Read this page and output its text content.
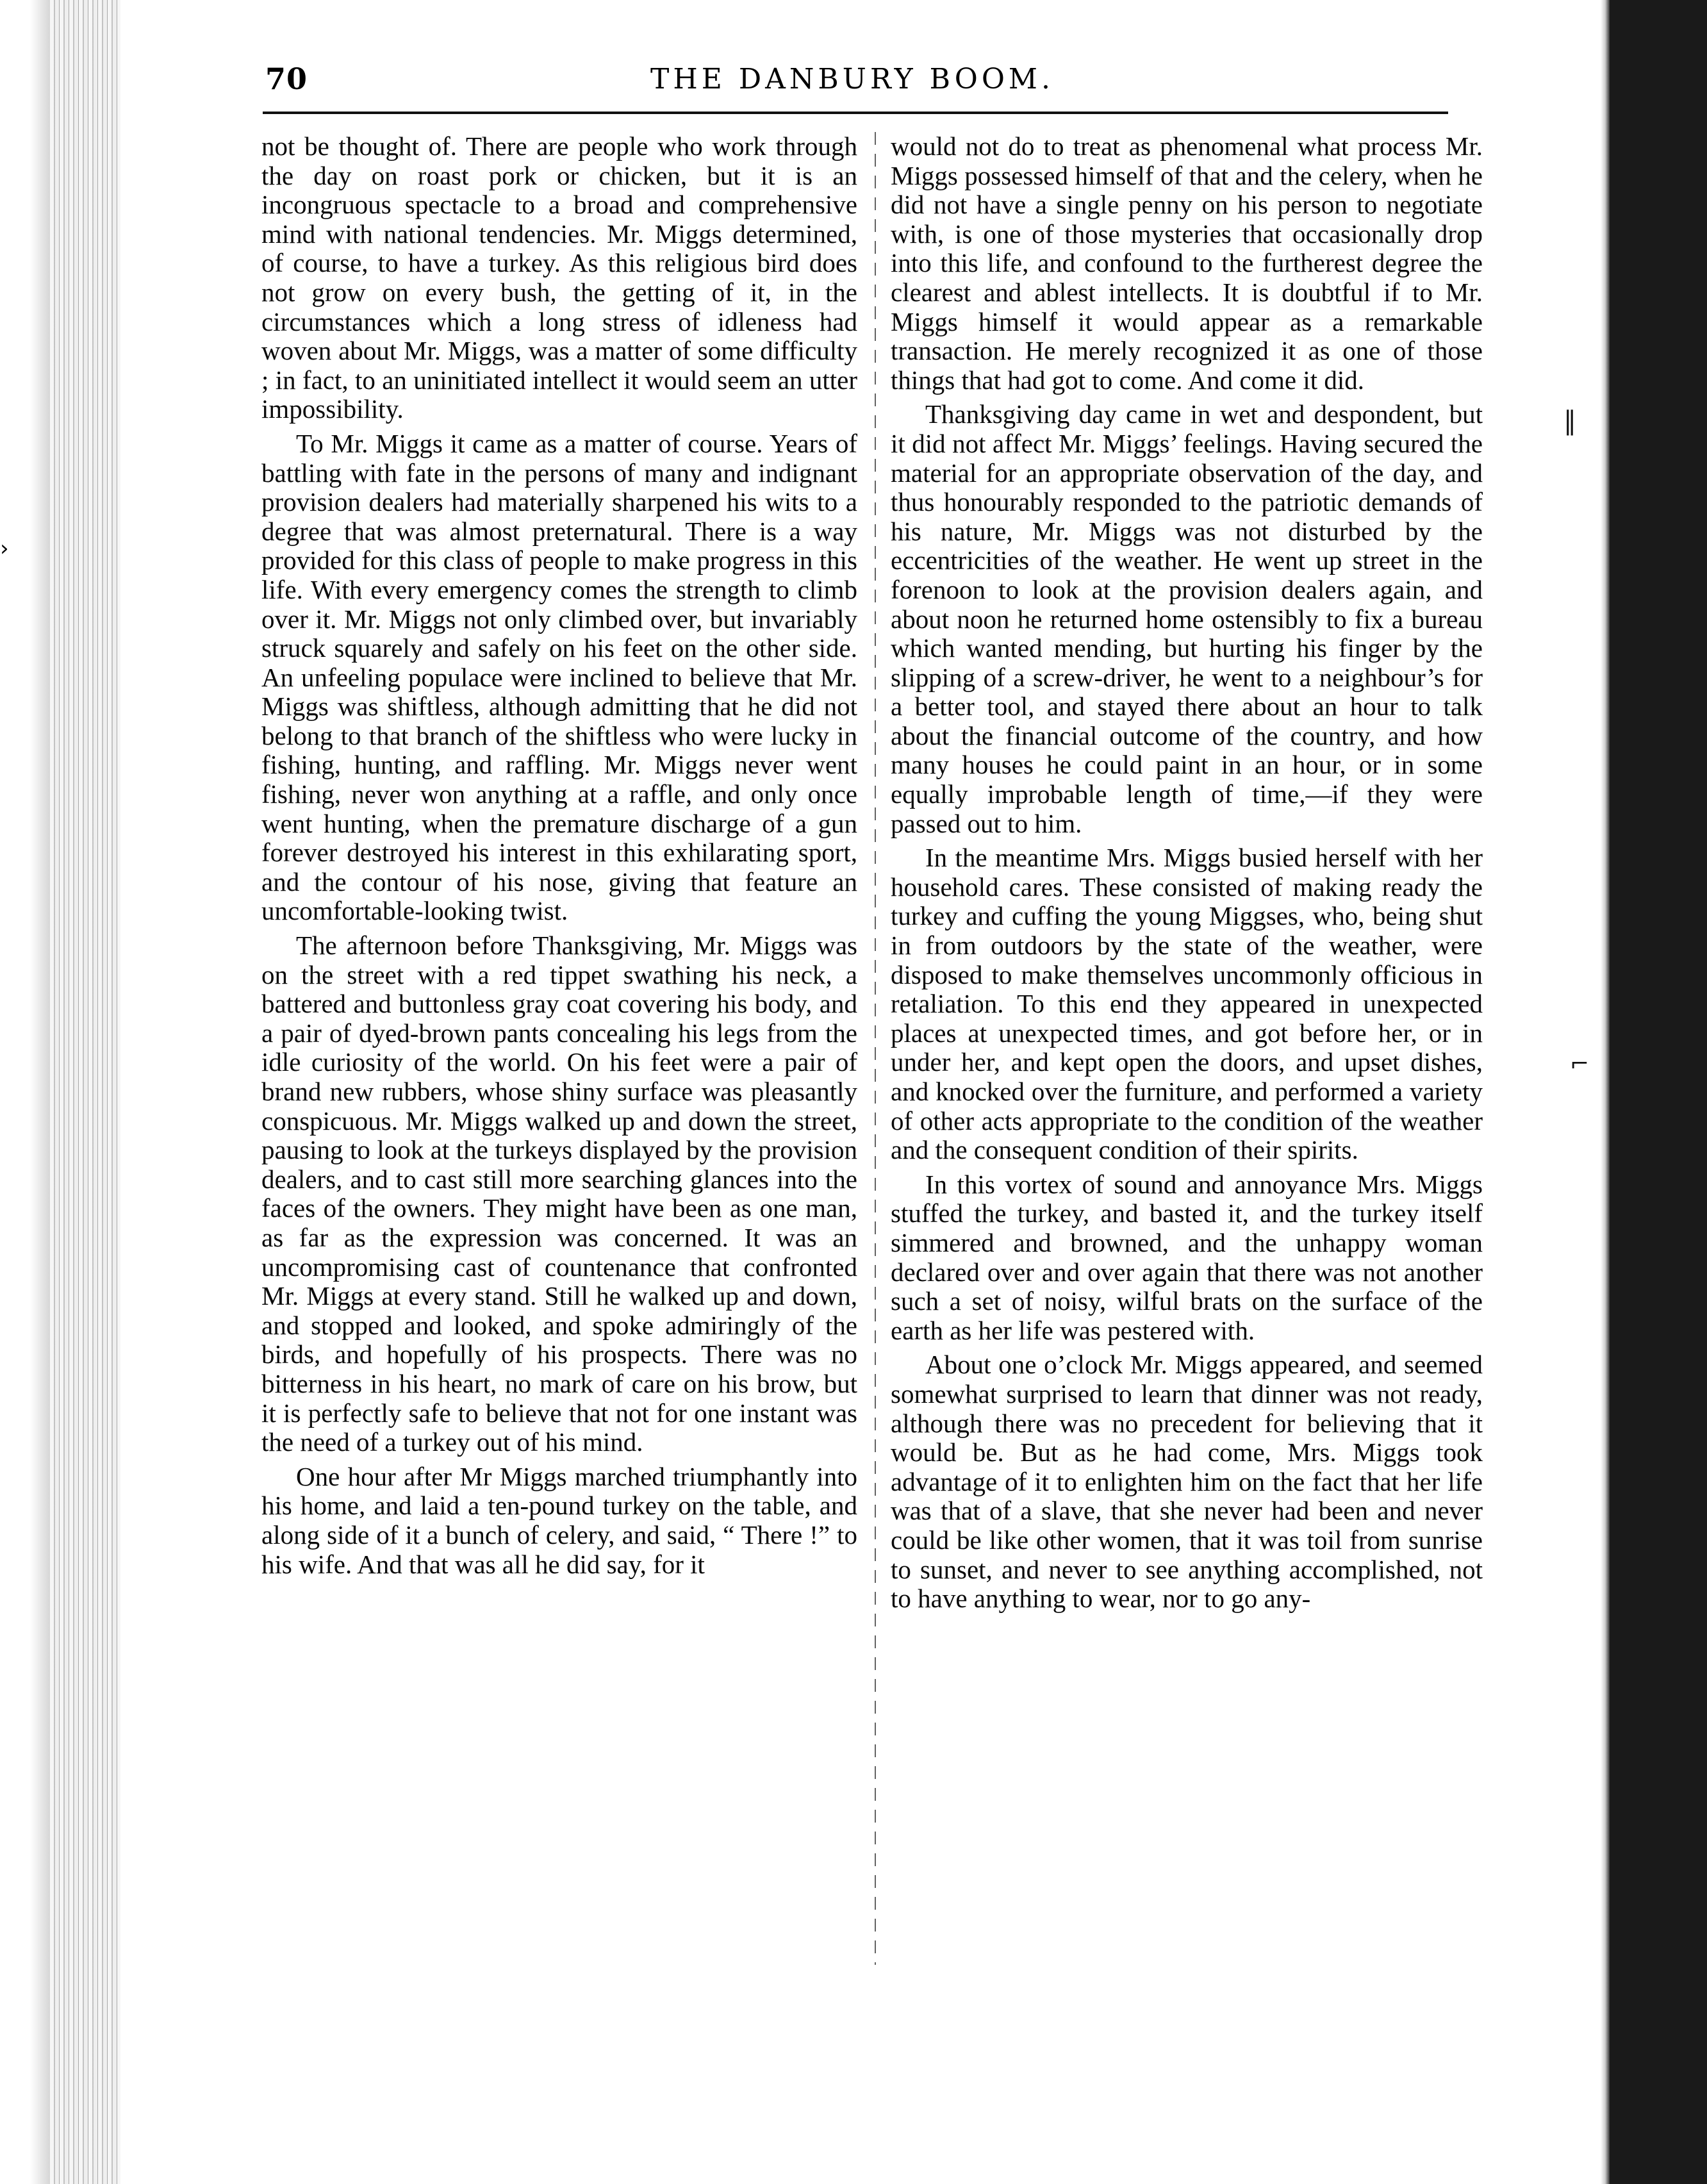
›
‖
⌐
70	THE DANBURY BOOM.

not be thought of. There are people who work through the day on roast pork or chicken, but it is an incongruous spectacle to a broad and comprehensive mind with national tendencies. Mr. Miggs determined, of course, to have a turkey. As this religious bird does not grow on every bush, the getting of it, in the circumstances which a long stress of idleness had woven about Mr. Miggs, was a matter of some difficulty ; in fact, to an uninitiated intellect it would seem an utter impossibility.

To Mr. Miggs it came as a matter of course. Years of battling with fate in the persons of many and indignant provision dealers had materially sharpened his wits to a degree that was almost preternatural. There is a way provided for this class of people to make progress in this life. With every emergency comes the strength to climb over it. Mr. Miggs not only climbed over, but invariably struck squarely and safely on his feet on the other side. An unfeeling populace were inclined to believe that Mr. Miggs was shiftless, although admitting that he did not belong to that branch of the shiftless who were lucky in fishing, hunting, and raffling. Mr. Miggs never went fishing, never won anything at a raffle, and only once went hunting, when the premature discharge of a gun forever destroyed his interest in this exhilarating sport, and the contour of his nose, giving that feature an uncomfortable-looking twist.

The afternoon before Thanksgiving, Mr. Miggs was on the street with a red tippet swathing his neck, a battered and buttonless gray coat covering his body, and a pair of dyed-brown pants concealing his legs from the idle curiosity of the world. On his feet were a pair of brand new rubbers, whose shiny surface was pleasantly conspicuous. Mr. Miggs walked up and down the street, pausing to look at the turkeys displayed by the provision dealers, and to cast still more searching glances into the faces of the owners. They might have been as one man, as far as the expression was concerned. It was an uncompromising cast of countenance that confronted Mr. Miggs at every stand. Still he walked up and down, and stopped and looked, and spoke admiringly of the birds, and hopefully of his prospects. There was no bitterness in his heart, no mark of care on his brow, but it is perfectly safe to believe that not for one instant was the need of a turkey out of his mind.

One hour after Mr Miggs marched triumphantly into his home, and laid a ten-pound turkey on the table, and along side of it a bunch of celery, and said, “ There !” to his wife. And that was all he did say, for it

would not do to treat as phenomenal what process Mr. Miggs possessed himself of that and the celery, when he did not have a single penny on his person to negotiate with, is one of those mysteries that occasionally drop into this life, and confound to the furtherest degree the clearest and ablest intellects. It is doubtful if to Mr. Miggs himself it would appear as a remarkable transaction. He merely recognized it as one of those things that had got to come. And come it did.

Thanksgiving day came in wet and despondent, but it did not affect Mr. Miggs’ feelings. Having secured the material for an appropriate observation of the day, and thus honourably responded to the patriotic demands of his nature, Mr. Miggs was not disturbed by the eccentricities of the weather. He went up street in the forenoon to look at the provision dealers again, and about noon he returned home ostensibly to fix a bureau which wanted mending, but hurting his finger by the slipping of a screw-driver, he went to a neighbour’s for a better tool, and stayed there about an hour to talk about the financial outcome of the country, and how many houses he could paint in an hour, or in some equally improbable length of time,—if they were passed out to him.

In the meantime Mrs. Miggs busied herself with her household cares. These consisted of making ready the turkey and cuffing the young Miggses, who, being shut in from outdoors by the state of the weather, were disposed to make themselves uncommonly officious in retaliation. To this end they appeared in unexpected places at unexpected times, and got before her, or in under her, and kept open the doors, and upset dishes, and knocked over the furniture, and performed a variety of other acts appropriate to the condition of the weather and the consequent condition of their spirits.

In this vortex of sound and annoyance Mrs. Miggs stuffed the turkey, and basted it, and the turkey itself simmered and browned, and the unhappy woman declared over and over again that there was not another such a set of noisy, wilful brats on the surface of the earth as her life was pestered with.

About one o’clock Mr. Miggs appeared, and seemed somewhat surprised to learn that dinner was not ready, although there was no precedent for believing that it would be. But as he had come, Mrs. Miggs took advantage of it to enlighten him on the fact that her life was that of a slave, that she never had been and never could be like other women, that it was toil from sunrise to sunset, and never to see anything accomplished, not to have anything to wear, nor to go any-
